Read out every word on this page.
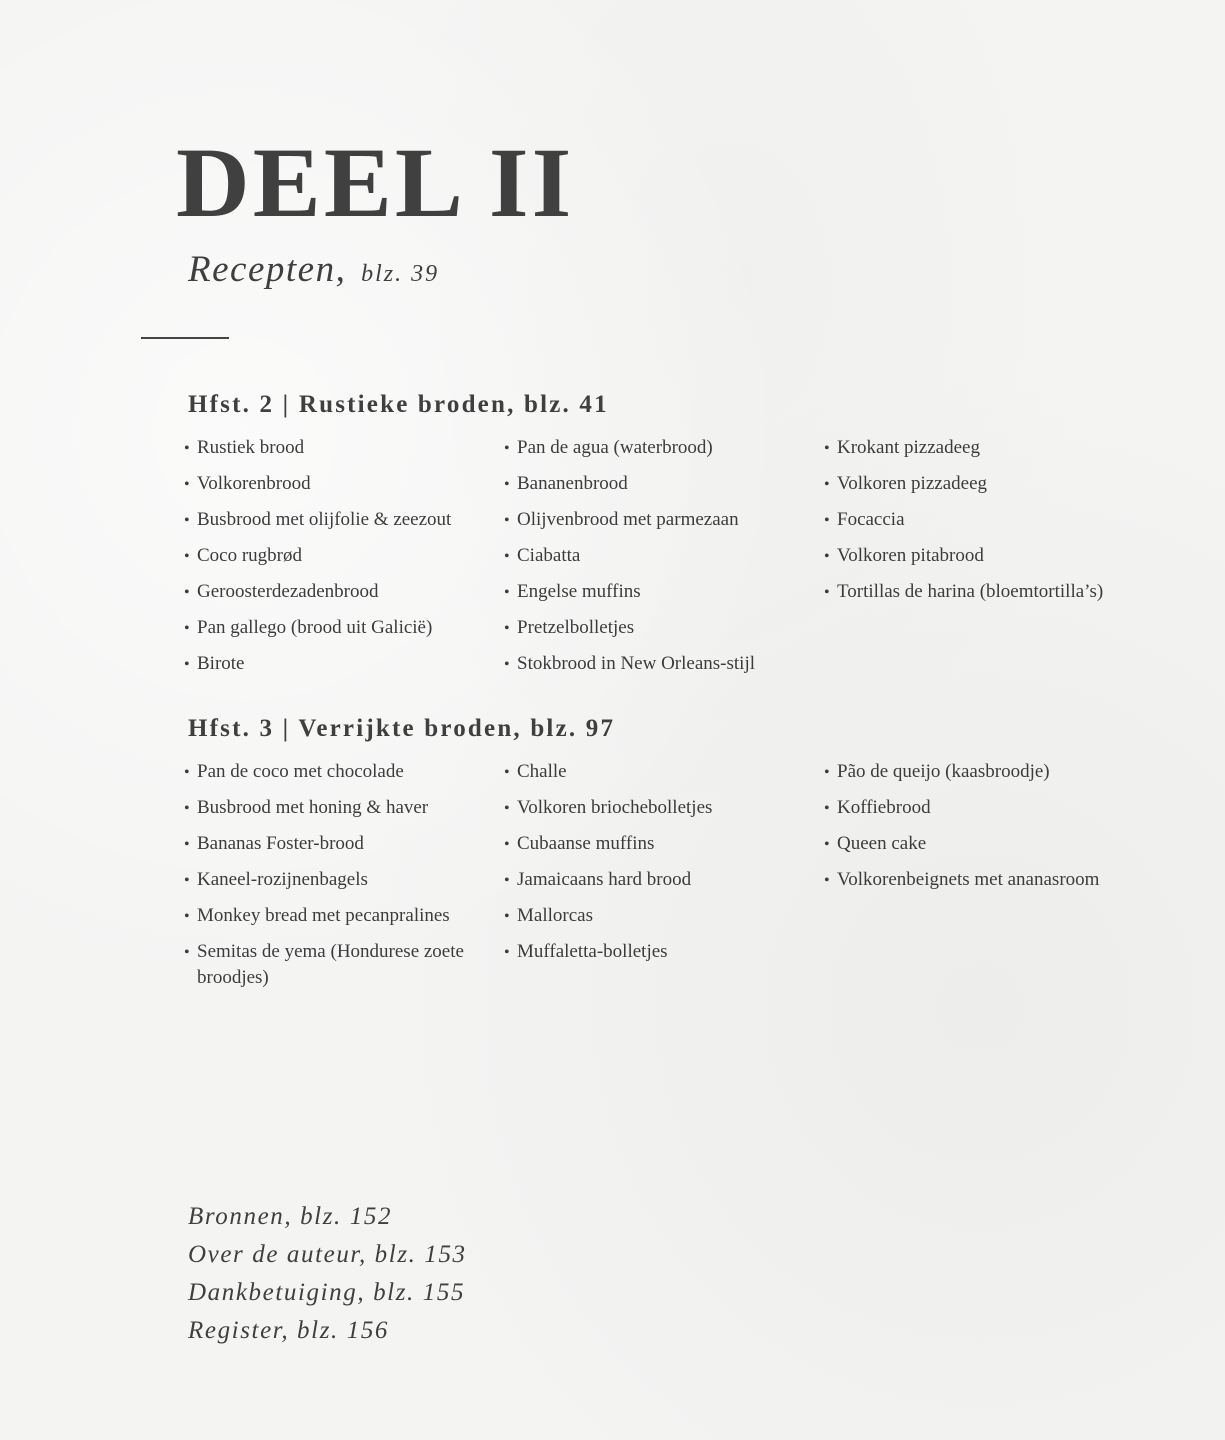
DEEL II
Recepten, blz. 39
Hfst. 2 | Rustieke broden, blz. 41
• Rustiek brood
• Volkorenbrood
• Busbrood met olijfolie & zeezout
• Coco rugbrød
• Geroosterdezadenbrood
• Pan gallego (brood uit Galicië)
• Birote
• Pan de agua (waterbrood)
• Bananenbrood
• Olijvenbrood met parmezaan
• Ciabatta
• Engelse muffins
• Pretzelbolletjes
• Stokbrood in New Orleans-stijl
• Krokant pizzadeeg
• Volkoren pizzadeeg
• Focaccia
• Volkoren pitabrood
• Tortillas de harina (bloemtortilla’s)
Hfst. 3 | Verrijkte broden, blz. 97
• Pan de coco met chocolade
• Busbrood met honing & haver
• Bananas Foster-brood
• Kaneel-rozijnenbagels
• Monkey bread met pecanpralines
• Semitas de yema (Hondurese zoete broodjes)
• Challe
• Volkoren briochebolletjes
• Cubaanse muffins
• Jamaicaans hard brood
• Mallorcas
• Muffaletta-bolletjes
• Pão de queijo (kaasbroodje)
• Koffiebrood
• Queen cake
• Volkorenbeignets met ananasroom
Bronnen, blz. 152
Over de auteur, blz. 153
Dankbetuiging, blz. 155
Register, blz. 156
